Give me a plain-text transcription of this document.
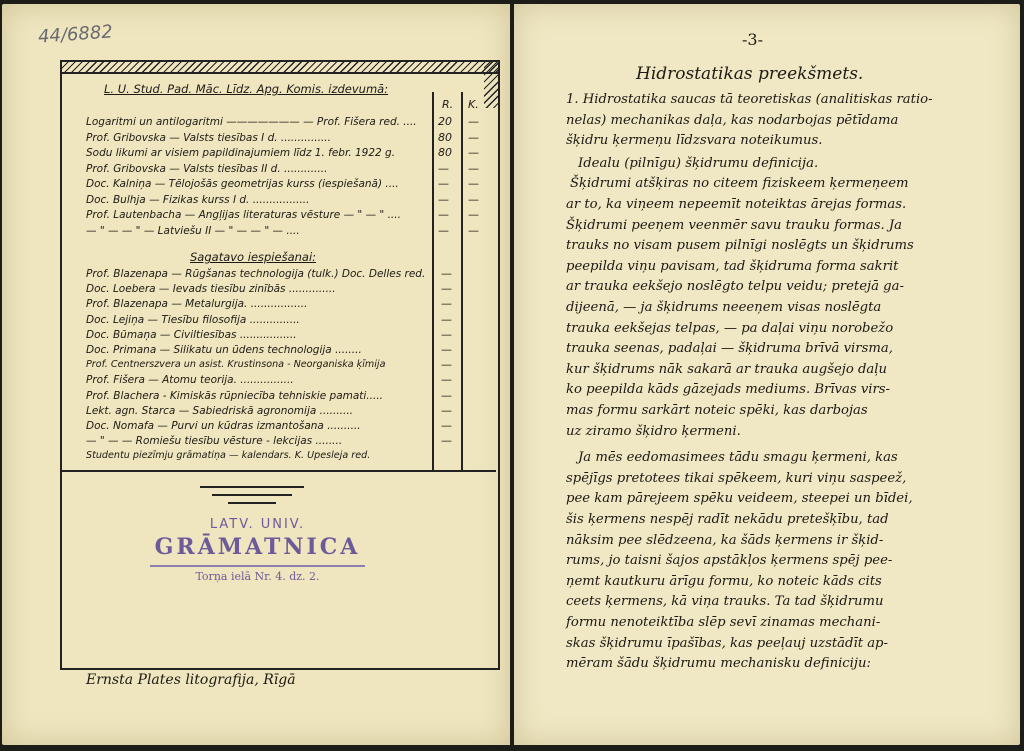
44/6882
L. U. Stud. Pad. Māc. Līdz. Apg. Komis. izdevumā:
R. K.
Logaritmi un antilogaritmi ——————— — Prof. Fišera red. .... 20 —
Prof. Gribovska — Valsts tiesības I d. ...............	80 —
Sodu likumi ar visiem papildinajumiem līdz 1. febr. 1922 g.	80 —
Prof. Gribovska — Valsts tiesības II d. .............	— —
Doc. Kalniņa — Tēlojošās geometrijas kurss (iespiešanā) ....	— —
Doc. Bulhja — Fizikas kurss I d. .................	— —
Prof. Lautenbacha — Angļijas literaturas vēsture — " — " ....	— —
— " — — " — Latviešu II — " — — " — ....	— —
Sagatavo iespiešanai:
Prof. Blazenapa — Rūgšanas technologija (tulk.) Doc. Delles red. —
Doc. Loebera — Ievads tiesību zinībās ..............	—
Prof. Blazenapa — Metalurgija. .................	—
Doc. Lejiņa — Tiesību filosofija ...............	—
Doc. Būmaņa — Civiltiesības .................	—
Doc. Primana — Silikatu un ūdens technologija ........	—
Prof. Centnerszvera un asist. Krustinsona - Neorganiska ķīmija	—
Prof. Fišera — Atomu teorija. ................	—
Prof. Blachera - Kimiskās rūpniecība tehniskie pamati.....	—
Lekt. agn. Starca — Sabiedriskā agronomija ..........	—
Doc. Nomafa — Purvi un kūdras izmantošana ..........	—
— " — — Romiešu tiesību vēsture - lekcijas ........	—
Studentu piezīmju grāmatiņa — kalendars. K. Upesleja red.
LATV. UNIV.
GRĀMATNICA
Torņa ielā Nr. 4. dz. 2.
Ernsta Plates litografija, Rīgā
-3-
Hidrostatikas preekšmets.
1. Hidrostatika saucas tā teoretiskas (analitiskas ratio-
nelas) mechanikas daļa, kas nodarbojas pētīdama
šķidru ķermeņu līdzsvara noteikumus.
Idealu (pilnīgu) šķidrumu definicija.
Šķidrumi atšķiras no citeem fiziskeem ķermeņeem
ar to, ka viņeem nepeemīt noteiktas ārejas formas.
Šķidrumi peeņem veenmēr savu trauku formas. Ja
trauks no visam pusem pilnīgi noslēgts un šķidrums
peepilda viņu pavisam, tad šķidruma forma sakrit
ar trauka eekšejo noslēgto telpu veidu; pretejā ga-
dijeenā, — ja šķidrums neeeņem visas noslēgta
trauka eekšejas telpas, — pa daļai viņu norobežo
trauka seenas, padaļai — šķidruma brīvā virsma,
kur šķidrums nāk sakarā ar trauka augšejo daļu
ko peepilda kāds gāzejads mediums. Brīvas virs-
mas formu sarkārt noteic spēki, kas darbojas
uz ziramo šķidro ķermeni.
Ja mēs eedomasimees tādu smagu ķermeni, kas
spējīgs pretotees tikai spēkeem, kuri viņu saspeež,
pee kam pārejeem spēku veideem, steepei un bīdei,
šis ķermens nespēj radīt nekādu pretešķību, tad
nāksim pee slēdzeena, ka šāds ķermens ir šķid-
rums, jo taisni šajos apstākļos ķermens spēj pee-
ņemt kautkuru ārīgu formu, ko noteic kāds cits
ceets ķermens, kā viņa trauks. Ta tad šķidrumu
formu nenoteiktība slēp sevī zinamas mechani-
skas šķidrumu īpašības, kas peeļauj uzstādīt ap-
mēram šādu šķidrumu mechanisku definiciju:
